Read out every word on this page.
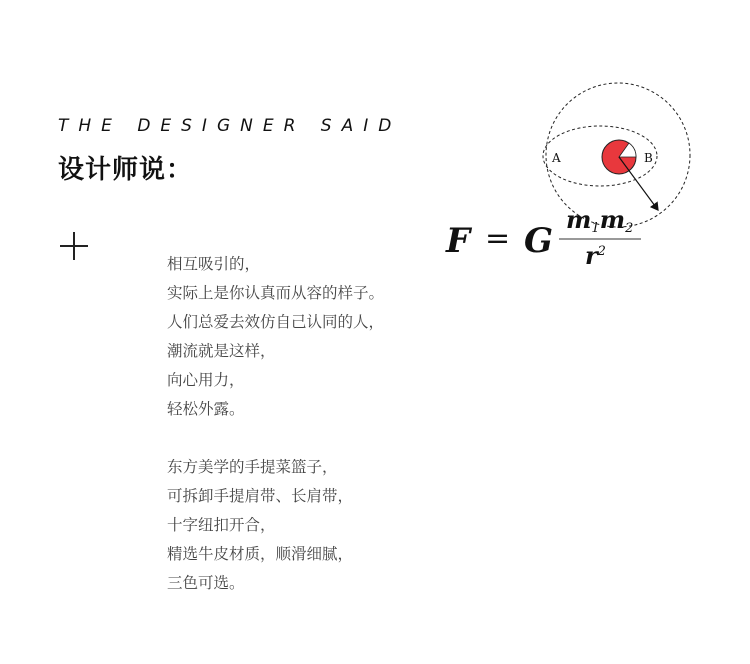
THE DESIGNER SAID
设计师说：

相互吸引的，
实际上是你认真而从容的样子。
人们总爱去效仿自己认同的人，
潮流就是这样，
向心用力，
轻松外露。

东方美学的手提菜篮子，
可拆卸手提肩带、长肩带，
十字纽扣开合，
精选牛皮材质，顺滑细腻，
三色可选。

A	B
F = G
$m_1m_2$
$r^2$
